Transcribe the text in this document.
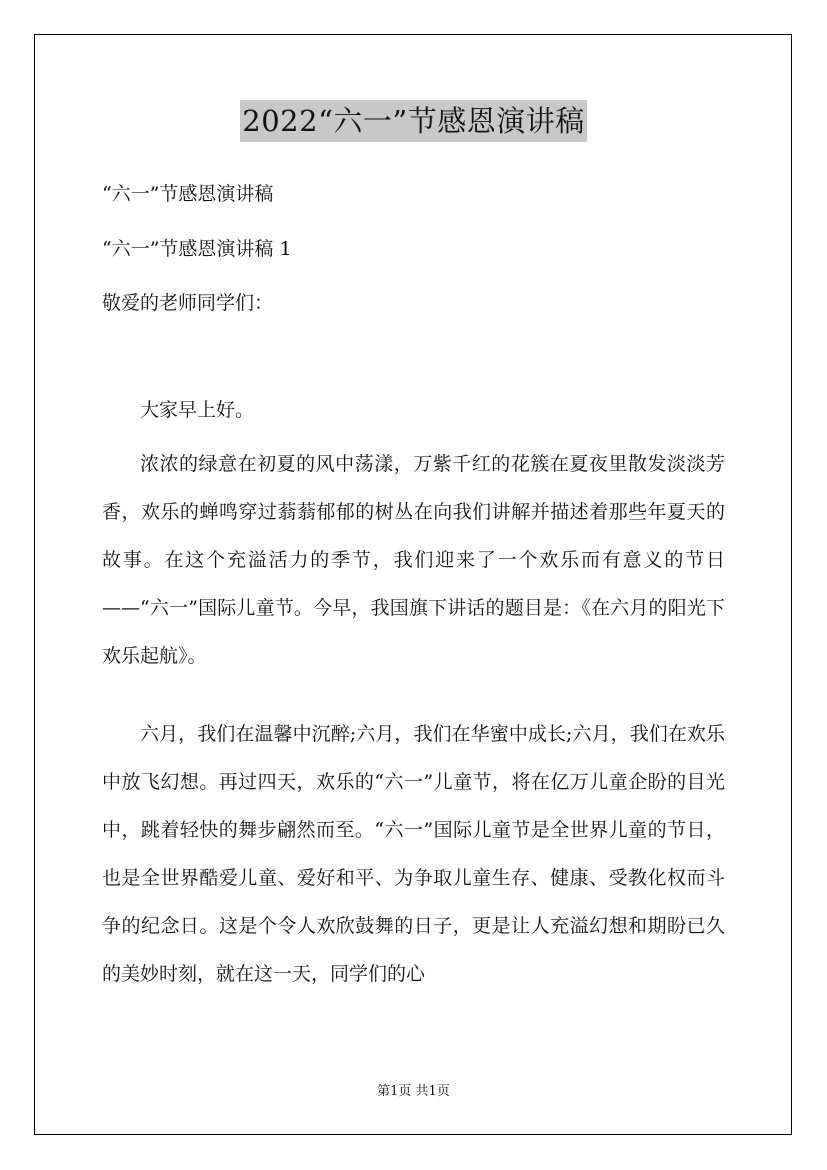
2022“六一”节感恩演讲稿
“六一”节感恩演讲稿
“六一”节感恩演讲稿 1
敬爱的老师同学们：
大家早上好。
浓浓的绿意在初夏的风中荡漾，万紫千红的花簇在夏夜里散发淡淡芳香，欢乐的蝉鸣穿过蓊蓊郁郁的树丛在向我们讲解并描述着那些年夏天的故事。在这个充溢活力的季节，我们迎来了一个欢乐而有意义的节日——“六一”国际儿童节。今早，我国旗下讲话的题目是：《在六月的阳光下欢乐起航》。
六月，我们在温馨中沉醉;六月，我们在华蜜中成长;六月，我们在欢乐中放飞幻想。再过四天，欢乐的“六一”儿童节，将在亿万儿童企盼的目光中，跳着轻快的舞步翩然而至。“六一”国际儿童节是全世界儿童的节日，也是全世界酷爱儿童、爱好和平、为争取儿童生存、健康、受教化权而斗争的纪念日。这是个令人欢欣鼓舞的日子，更是让人充溢幻想和期盼已久的美妙时刻，就在这一天，同学们的心
第1页 共1页
